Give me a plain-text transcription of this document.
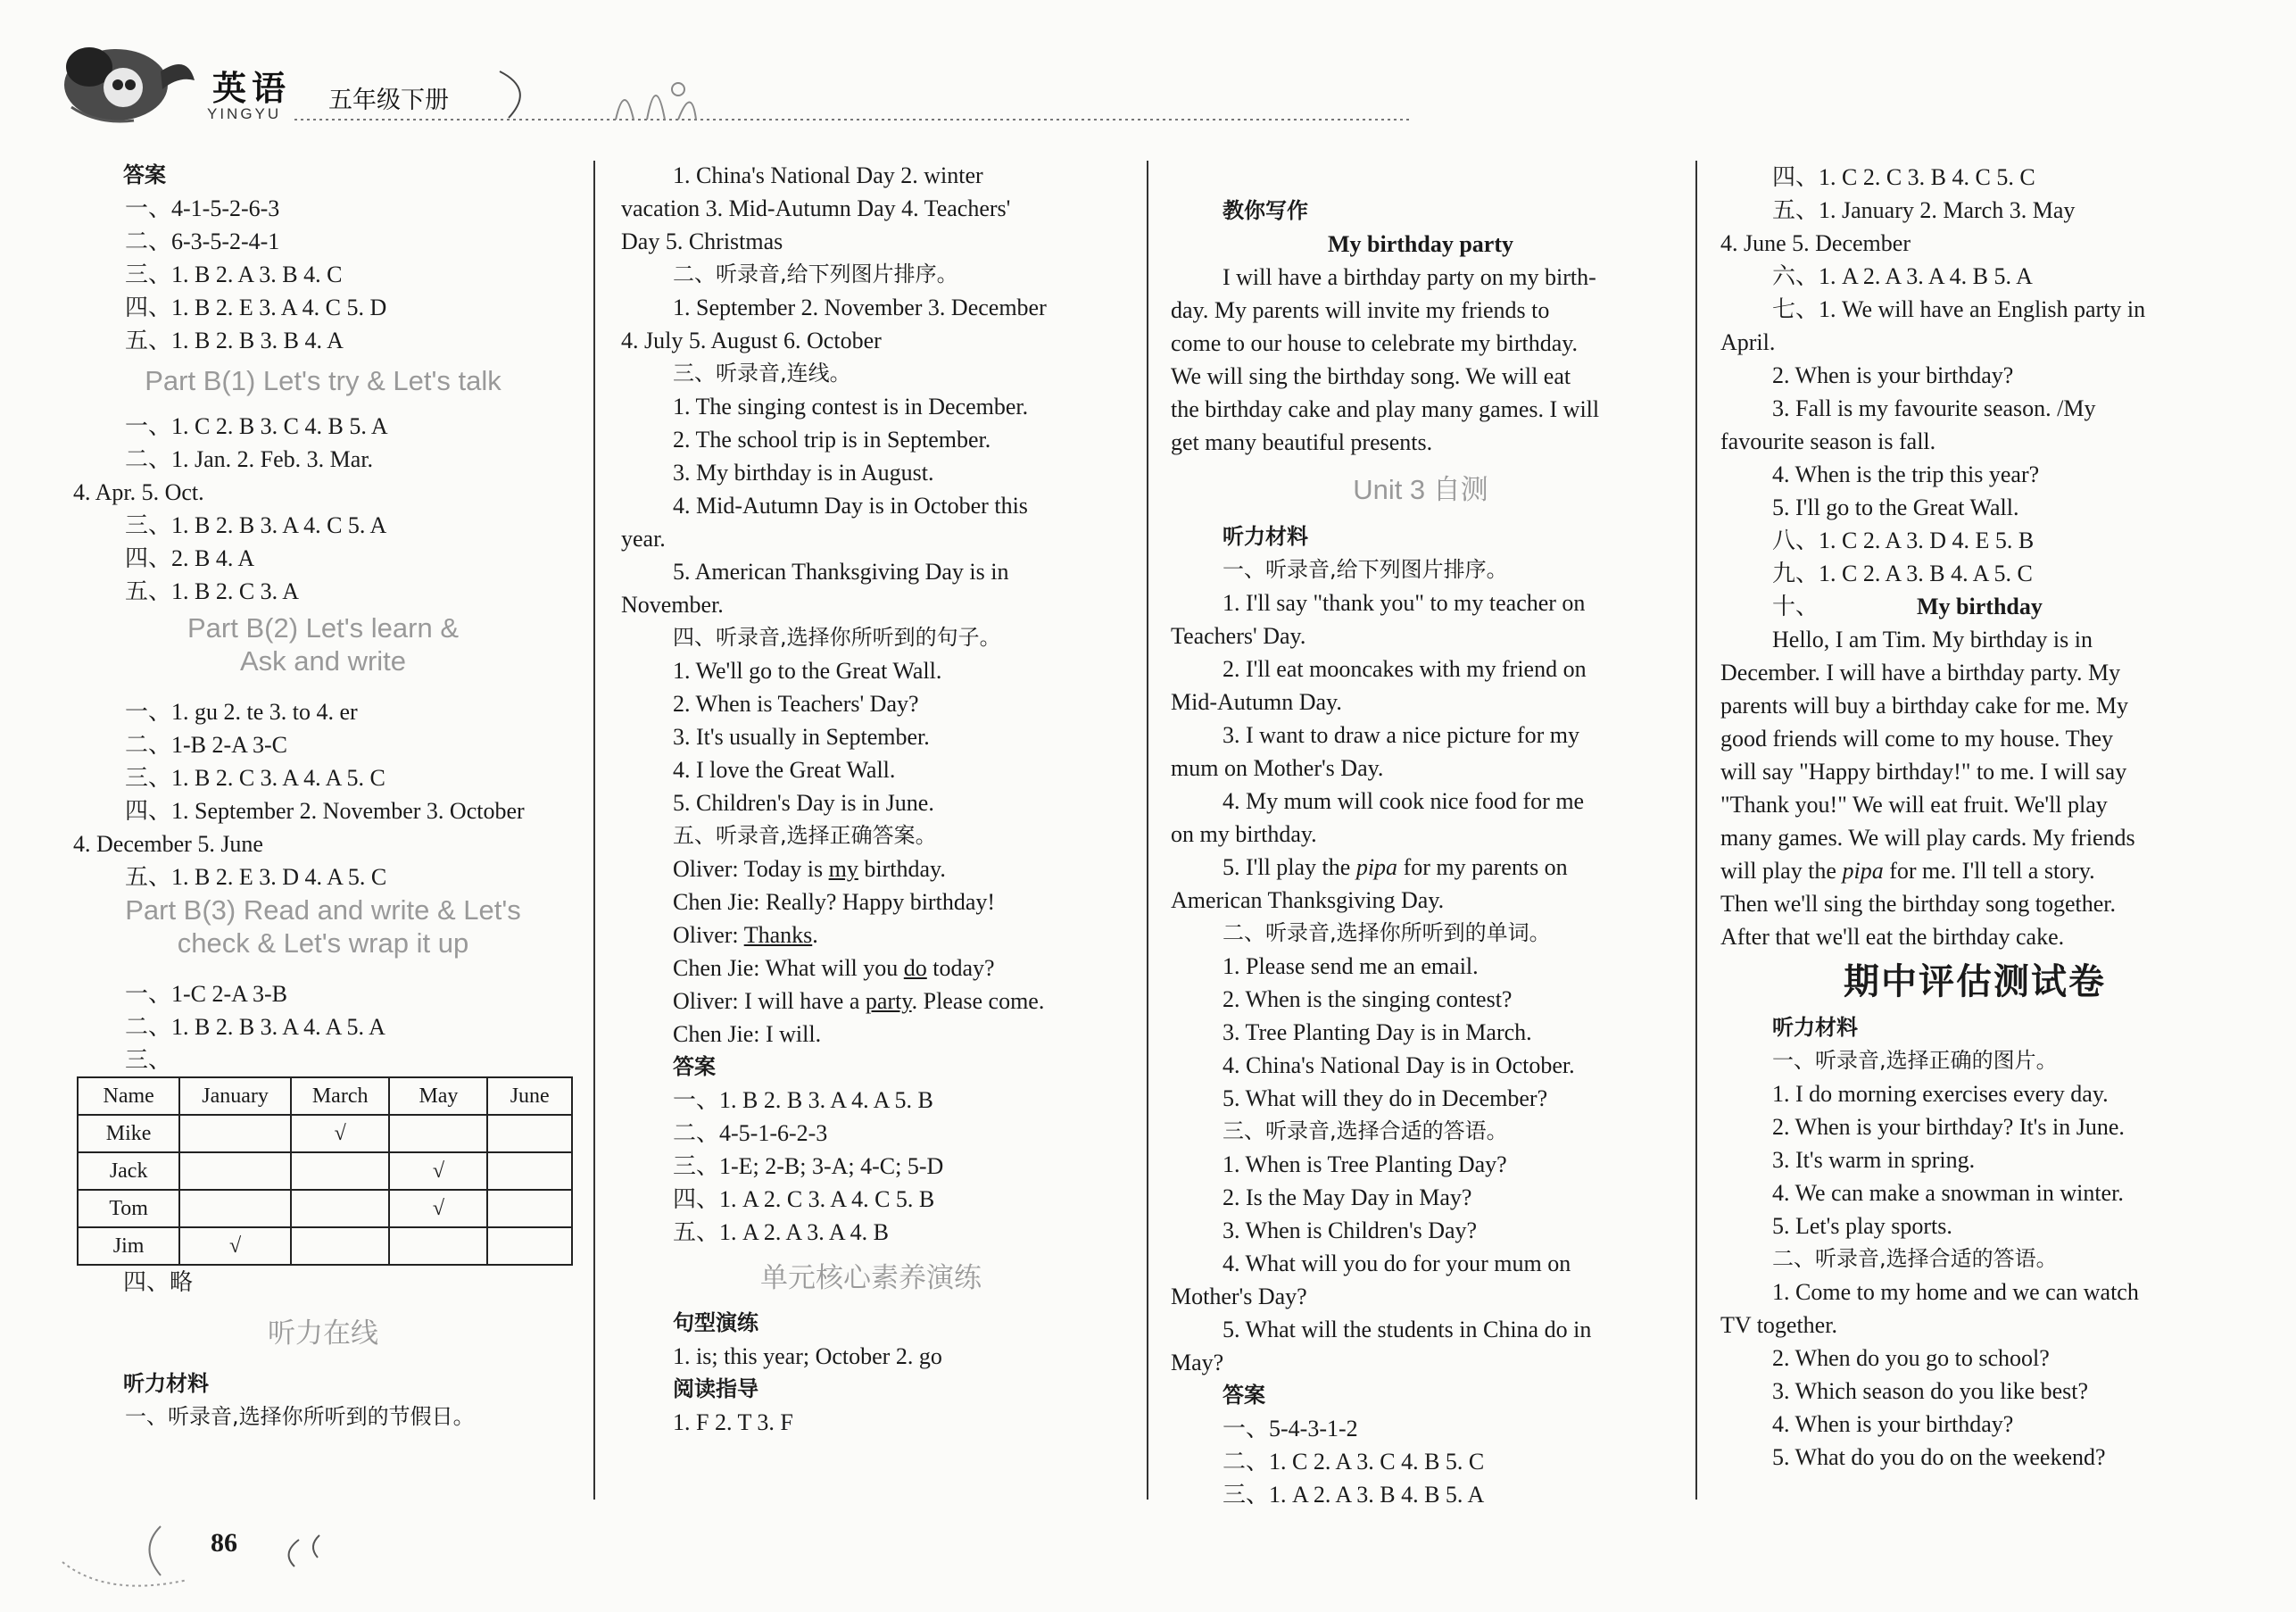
英语
YINGYU 五年级下册

答案

一、4-1-5-2-6-3

二、6-3-5-2-4-1

三、1. B 2. A 3. B 4. C

四、1. B 2. E 3. A 4. C 5. D

五、1. B 2. B 3. B 4. A

Part B(1) Let's try & Let's talk

一、1. C 2. B 3. C 4. B 5. A

二、1. Jan. 2. Feb. 3. Mar.

4. Apr. 5. Oct.

三、1. B 2. B 3. A 4. C 5. A

四、2. B 4. A

五、1. B 2. C 3. A

Part B(2) Let's learn &

Ask and write

一、1. gu 2. te 3. to 4. er

二、1-B 2-A 3-C

三、1. B 2. C 3. A 4. A 5. C

四、1. September 2. November 3. October

4. December 5. June

五、1. B 2. E 3. D 4. A 5. C

Part B(3) Read and write & Let's

check & Let's wrap it up

一、1-C 2-A 3-B

二、1. B 2. B 3. A 4. A 5. A

三、

Name	January	March	May	June
Mike		√		
Jack			√	
Tom			√	
Jim	√			

四、略

听力在线

听力材料

一、听录音,选择你所听到的节假日。

1. China's National Day 2. winter

vacation 3. Mid-Autumn Day 4. Teachers'

Day 5. Christmas

二、听录音,给下列图片排序。

1. September 2. November 3. December

4. July 5. August 6. October

三、听录音,连线。

1. The singing contest is in December.

2. The school trip is in September.

3. My birthday is in August.

4. Mid-Autumn Day is in October this

year.

5. American Thanksgiving Day is in

November.

四、听录音,选择你所听到的句子。

1. We'll go to the Great Wall.

2. When is Teachers' Day?

3. It's usually in September.

4. I love the Great Wall.

5. Children's Day is in June.

五、听录音,选择正确答案。

Oliver: Today is my birthday.

Chen Jie: Really? Happy birthday!

Oliver: Thanks.

Chen Jie: What will you do today?

Oliver: I will have a party. Please come.

Chen Jie: I will.

答案

一、1. B 2. B 3. A 4. A 5. B

二、4-5-1-6-2-3

三、1-E; 2-B; 3-A; 4-C; 5-D

四、1. A 2. C 3. A 4. C 5. B

五、1. A 2. A 3. A 4. B

单元核心素养演练

句型演练

1. is; this year; October 2. go

阅读指导

1. F 2. T 3. F

教你写作

My birthday party

I will have a birthday party on my birth-

day. My parents will invite my friends to

come to our house to celebrate my birthday.

We will sing the birthday song. We will eat

the birthday cake and play many games. I will

get many beautiful presents.

Unit 3 自测

听力材料

一、听录音,给下列图片排序。

1. I'll say "thank you" to my teacher on

Teachers' Day.

2. I'll eat mooncakes with my friend on

Mid-Autumn Day.

3. I want to draw a nice picture for my

mum on Mother's Day.

4. My mum will cook nice food for me

on my birthday.

5. I'll play the pipa for my parents on

American Thanksgiving Day.

二、听录音,选择你所听到的单词。

1. Please send me an email.

2. When is the singing contest?

3. Tree Planting Day is in March.

4. China's National Day is in October.

5. What will they do in December?

三、听录音,选择合适的答语。

1. When is Tree Planting Day?

2. Is the May Day in May?

3. When is Children's Day?

4. What will you do for your mum on

Mother's Day?

5. What will the students in China do in

May?

答案

一、5-4-3-1-2

二、1. C 2. A 3. C 4. B 5. C

三、1. A 2. A 3. B 4. B 5. A

四、1. C 2. C 3. B 4. C 5. C

五、1. January 2. March 3. May

4. June 5. December

六、1. A 2. A 3. A 4. B 5. A

七、1. We will have an English party in

April.

2. When is your birthday?

3. Fall is my favourite season. /My

favourite season is fall.

4. When is the trip this year?

5. I'll go to the Great Wall.

八、1. C 2. A 3. D 4. E 5. B

九、1. C 2. A 3. B 4. A 5. C

十、	My birthday

Hello, I am Tim. My birthday is in

December. I will have a birthday party. My

parents will buy a birthday cake for me. My

good friends will come to my house. They

will say "Happy birthday!" to me. I will say

"Thank you!" We will eat fruit. We'll play

many games. We will play cards. My friends

will play the pipa for me. I'll tell a story.

Then we'll sing the birthday song together.

After that we'll eat the birthday cake.

期中评估测试卷

听力材料

一、听录音,选择正确的图片。

1. I do morning exercises every day.

2. When is your birthday? It's in June.

3. It's warm in spring.

4. We can make a snowman in winter.

5. Let's play sports.

二、听录音,选择合适的答语。

1. Come to my home and we can watch

TV together.

2. When do you go to school?

3. Which season do you like best?

4. When is your birthday?

5. What do you do on the weekend?

86
